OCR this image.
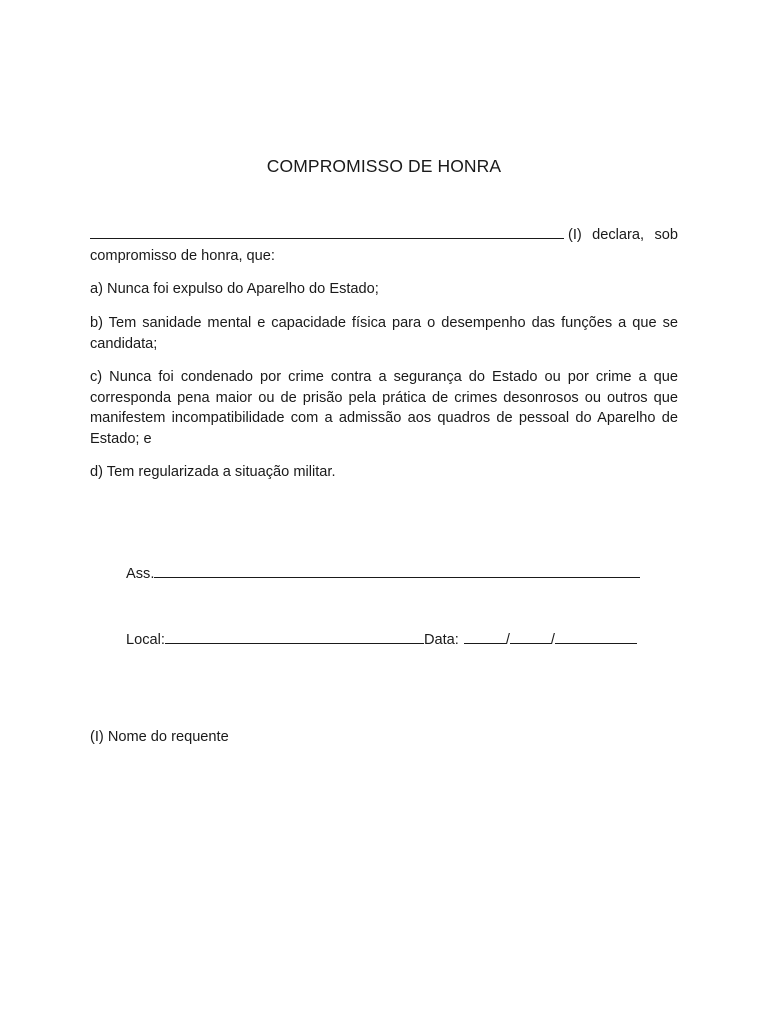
COMPROMISSO DE HONRA
(I) declara, sob
compromisso de honra, que:
a) Nunca foi expulso do Aparelho do Estado;
b) Tem sanidade mental e capacidade física para o desempenho das funções a que se candidata;
c) Nunca foi condenado por crime contra a segurança do Estado ou por crime a que corresponda pena maior ou de prisão pela prática de crimes desonrosos ou outros que manifestem incompatibilidade com a admissão aos quadros de pessoal do Aparelho de Estado; e
d) Tem regularizada a situação militar.
Ass.
Local:	Data:	/	/
(I) Nome do requente
